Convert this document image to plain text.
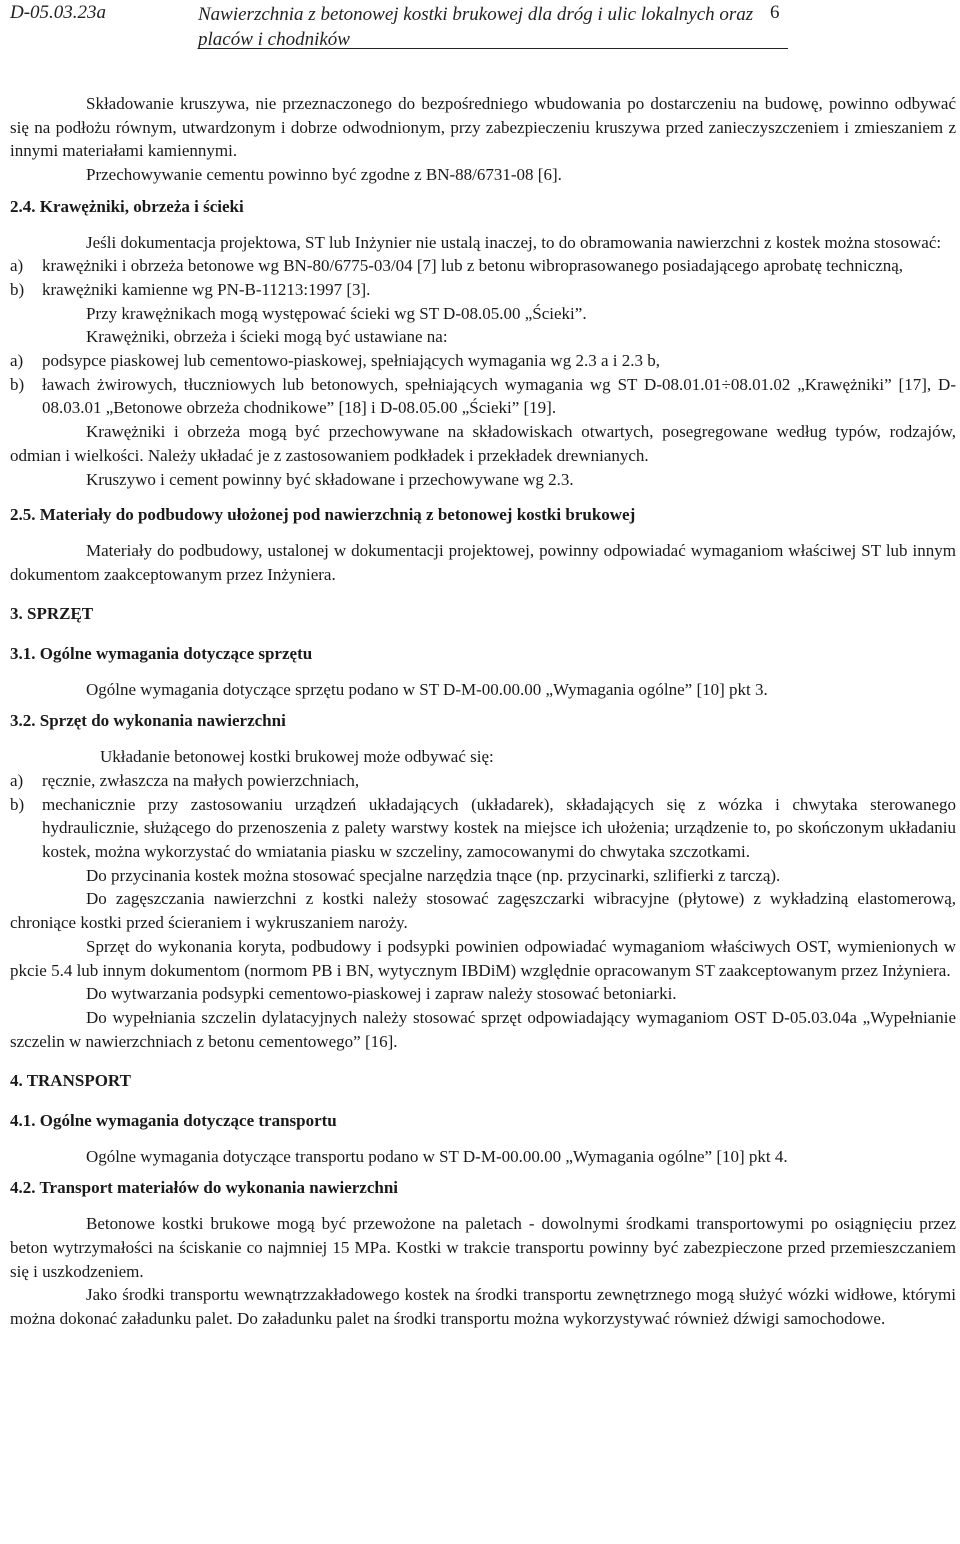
D-05.03.23a	Nawierzchnia z betonowej kostki brukowej dla dróg i ulic lokalnych oraz placów i chodników
6

Składowanie kruszywa, nie przeznaczonego do bezpośredniego wbudowania po dostarczeniu na budowę, powinno odbywać się na podłożu równym, utwardzonym i dobrze odwodnionym, przy zabezpieczeniu kruszywa przed zanieczyszczeniem i zmieszaniem z innymi materiałami kamiennymi.

Przechowywanie cementu powinno być zgodne z BN-88/6731-08 [6].

2.4. Krawężniki, obrzeża i ścieki

Jeśli dokumentacja projektowa, ST lub Inżynier nie ustalą inaczej, to do obramowania nawierzchni z kostek można stosować:

a)	krawężniki i obrzeża betonowe wg BN-80/6775-03/04 [7] lub z betonu wibroprasowanego posiadającego aprobatę techniczną,
b)	krawężniki kamienne wg PN-B-11213:1997 [3].

Przy krawężnikach mogą występować ścieki wg ST D-08.05.00 „Ścieki”.

Krawężniki, obrzeża i ścieki mogą być ustawiane na:

a)	podsypce piaskowej lub cementowo-piaskowej, spełniających wymagania wg 2.3 a i 2.3 b,
b)	ławach żwirowych, tłuczniowych lub betonowych, spełniających wymagania wg ST D-08.01.01÷08.01.02 „Krawężniki” [17], D-08.03.01 „Betonowe obrzeża chodnikowe” [18] i D-08.05.00 „Ścieki” [19].

Krawężniki i obrzeża mogą być przechowywane na składowiskach otwartych, posegregowane według typów, rodzajów, odmian i wielkości. Należy układać je z zastosowaniem podkładek i przekładek drewnianych.

Kruszywo i cement powinny być składowane i przechowywane wg 2.3.

2.5. Materiały do podbudowy ułożonej pod nawierzchnią z betonowej kostki brukowej

Materiały do podbudowy, ustalonej w dokumentacji projektowej, powinny odpowiadać wymaganiom właściwej ST lub innym dokumentom zaakceptowanym przez Inżyniera.

3. SPRZĘT

3.1. Ogólne wymagania dotyczące sprzętu

Ogólne wymagania dotyczące sprzętu podano w ST D-M-00.00.00 „Wymagania ogólne” [10] pkt 3.

3.2. Sprzęt do wykonania nawierzchni

Układanie betonowej kostki brukowej może odbywać się:

a)	ręcznie, zwłaszcza na małych powierzchniach,
b)	mechanicznie przy zastosowaniu urządzeń układających (układarek), składających się z wózka i chwytaka sterowanego hydraulicznie, służącego do przenoszenia z palety warstwy kostek na miejsce ich ułożenia; urządzenie to, po skończonym układaniu kostek, można wykorzystać do wmiatania piasku w szczeliny, zamocowanymi do chwytaka szczotkami.

Do przycinania kostek można stosować specjalne narzędzia tnące (np. przycinarki, szlifierki z tarczą).

Do zagęszczania nawierzchni z kostki należy stosować zagęszczarki wibracyjne (płytowe) z wykładziną elastomerową, chroniące kostki przed ścieraniem i wykruszaniem naroży.

Sprzęt do wykonania koryta, podbudowy i podsypki powinien odpowiadać wymaganiom właściwych OST, wymienionych w pkcie 5.4 lub innym dokumentom (normom PB i BN, wytycznym IBDiM) względnie opracowanym ST zaakceptowanym przez Inżyniera.

Do wytwarzania podsypki cementowo-piaskowej i zapraw należy stosować betoniarki.

Do wypełniania szczelin dylatacyjnych należy stosować sprzęt odpowiadający wymaganiom OST D-05.03.04a „Wypełnianie szczelin w nawierzchniach z betonu cementowego” [16].

4. TRANSPORT

4.1. Ogólne wymagania dotyczące transportu

Ogólne wymagania dotyczące transportu podano w ST D-M-00.00.00 „Wymagania ogólne” [10] pkt 4.

4.2. Transport materiałów do wykonania nawierzchni

Betonowe kostki brukowe mogą być przewożone na paletach - dowolnymi środkami transportowymi po osiągnięciu przez beton wytrzymałości na ściskanie co najmniej 15 MPa. Kostki w trakcie transportu powinny być zabezpieczone przed przemieszczaniem się i uszkodzeniem.

Jako środki transportu wewnątrzzakładowego kostek na środki transportu zewnętrznego mogą służyć wózki widłowe, którymi można dokonać załadunku palet. Do załadunku palet na środki transportu można wykorzystywać również dźwigi samochodowe.
